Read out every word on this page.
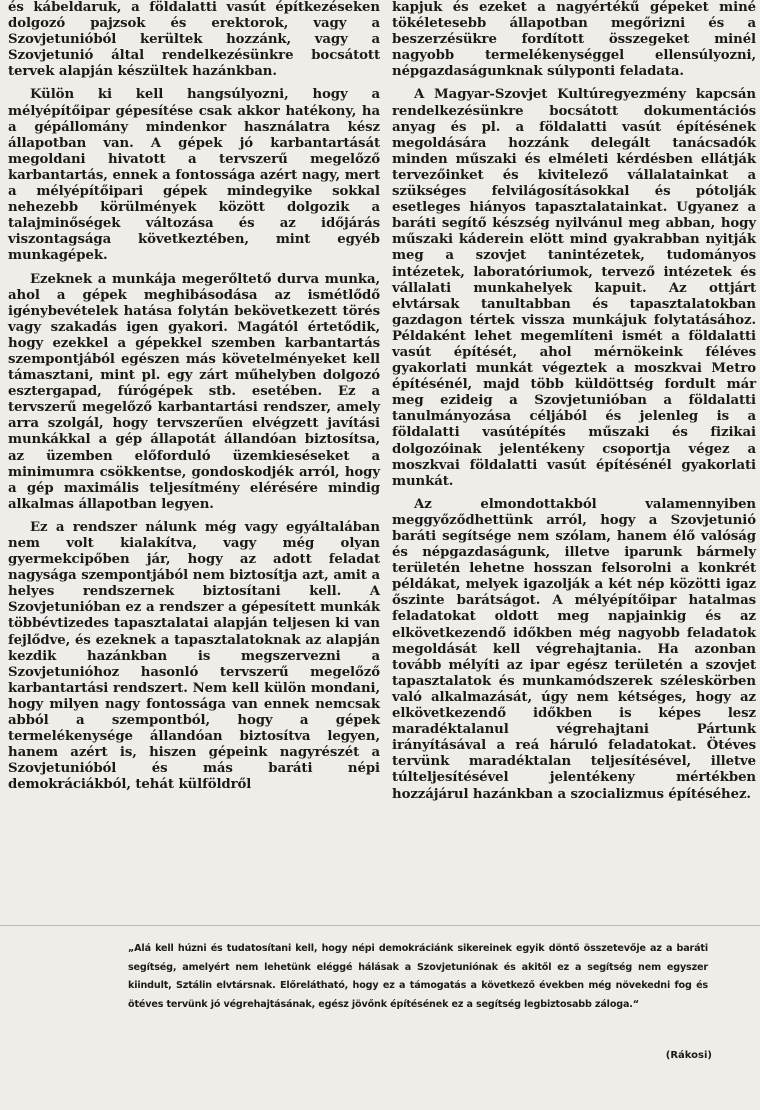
és kábeldaruk, a földalatti vasút építkezéseken dolgozó pajzsok és erektorok, vagy a Szovjetunióból kerültek hozzánk, vagy a Szovjetunió által rendelkezésünkre bocsátott tervek alapján készültek hazánkban.

Külön ki kell hangsúlyozni, hogy a mélyépítőipar gépesítése csak akkor hatékony, ha a gépállomány mindenkor használatra kész állapotban van. A gépek jó karbantartását megoldani hivatott a tervszerű megelőző karbantartás, ennek a fontossága azért nagy, mert a mélyépítőipari gépek mindegyike sokkal nehezebb körülmények között dolgozik a talajminőségek változása és az időjárás viszontagsága következtében, mint egyéb munkagépek.

Ezeknek a munkája megerőltető durva munka, ahol a gépek meghibásodása az ismétlődő igénybevételek hatása folytán bekövetkezett törés vagy szakadás igen gyakori. Magától értetődik, hogy ezekkel a gépekkel szemben karbantartás szempontjából egészen más követelményeket kell támasztani, mint pl. egy zárt műhelyben dolgozó esztergapad, fúrógépek stb. esetében. Ez a tervszerű megelőző karbantartási rendszer, amely arra szolgál, hogy tervszerűen elvégzett javítási munkákkal a gép állapotát állandóan biztosítsa, az üzemben előforduló üzemkieséseket a minimumra csökkentse, gondoskodjék arról, hogy a gép maximális teljesítmény elérésére mindig alkalmas állapotban legyen.

Ez a rendszer nálunk még vagy egyáltalában nem volt kialakítva, vagy még olyan gyermekcipőben jár, hogy az adott feladat nagysága szempontjából nem biztosítja azt, amit a helyes rendszernek biztosítani kell. A Szovjetunióban ez a rendszer a gépesített munkák többévtizedes tapasztalatai alapján teljesen ki van fejlődve, és ezeknek a tapasztalatoknak az alapján kezdik hazánkban is megszervezni a Szovjetunióhoz hasonló tervszerű megelőző karbantartási rendszert. Nem kell külön mondani, hogy milyen nagy fontossága van ennek nemcsak abból a szempontból, hogy a gépek termelékenysége állandóan biztosítva legyen, hanem azért is, hiszen gépeink nagyrészét a Szovjetunióból és más baráti népi demokráciákból, tehát külföldről

kapjuk és ezeket a nagyértékű gépeket miné tökéletesebb állapotban megőrizni és a beszerzésükre fordított összegeket minél nagyobb termelékenységgel ellensúlyozni, népgazdaságunknak súlyponti feladata.

A Magyar-Szovjet Kultúregyezmény kapcsán rendelkezésünkre bocsátott dokumentációs anyag és pl. a földalatti vasút építésének megoldására hozzánk delegált tanácsadók minden műszaki és elméleti kérdésben ellátják tervezőinket és kivitelező vállalatainkat a szükséges felvilágosításokkal és pótolják esetleges hiányos tapasztalatainkat. Ugyanez a baráti segítő készség nyilvánul meg abban, hogy műszaki káderein elött mind gyakrabban nyitják meg a szovjet tanintézetek, tudományos intézetek, laboratóriumok, tervező intézetek és vállalati munkahelyek kapuit. Az ottjárt elvtársak tanultabban és tapasztalatokban gazdagon tértek vissza munkájuk folytatásához. Példaként lehet megemlíteni ismét a földalatti vasút építését, ahol mérnökeink féléves gyakorlati munkát végeztek a moszkvai Metro építésénél, majd több küldöttség fordult már meg ezideig a Szovjetunióban a földalatti tanulmányozása céljából és jelenleg is a földalatti vasútépítés műszaki és fizikai dolgozóinak jelentékeny csoportja végez a moszkvai földalatti vasút építésénél gyakorlati munkát.

Az elmondottakból valamennyiben meggyőződhettünk arról, hogy a Szovjetunió baráti segítsége nem szólam, hanem élő valóság és népgazdaságunk, illetve iparunk bármely területén lehetne hosszan felsorolni a konkrét példákat, melyek igazolják a két nép közötti igaz őszinte barátságot. A mélyépítőipar hatalmas feladatokat oldott meg napjainkig és az elkövetkezendő időkben még nagyobb feladatok megoldását kell végrehajtania. Ha azonban tovább mélyíti az ipar egész területén a szovjet tapasztalatok és munkamódszerek széleskörben való alkalmazását, úgy nem kétséges, hogy az elkövetkezendő időkben is képes lesz maradéktalanul végrehajtani Pártunk irányításával a reá háruló feladatokat. Ötéves tervünk maradéktalan teljesítésével, illetve túlteljesítésével jelentékeny mértékben hozzájárul hazánkban a szocializmus építéséhez.

„Alá kell húzni és tudatosítani kell, hogy népi demokráciánk sikereinek egyik döntő összetevője az a baráti segítség, amelyért nem lehetünk eléggé hálásak a Szovjetuniónak és akitől ez a segítség nem egyszer kiindult, Sztálin elvtársnak. Előrelátható, hogy ez a támogatás a következő években még növekedni fog és ötéves tervünk jó végrehajtásának, egész jövőnk építésének ez a segítség legbiztosabb záloga.“
(Rákosi)
